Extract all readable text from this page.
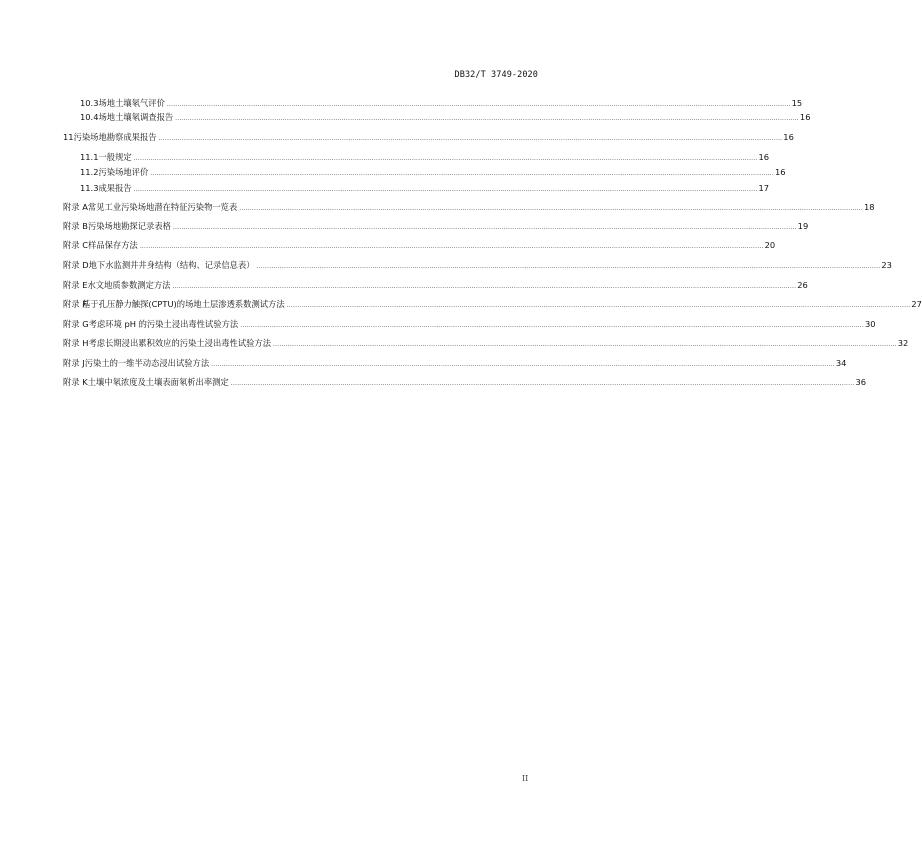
DB32/T 3749-2020
10.3 场地土壤氡气评价 ........................................................................................................................................................................................................................................................................................................ 15
10.4 场地土壤氡调查报告 ........................................................................................................................................................................................................................................................................................................ 16
11 污染场地勘察成果报告 ........................................................................................................................................................................................................................................................................................................ 16
11.1 一般规定 ........................................................................................................................................................................................................................................................................................................ 16
11.2 污染场地评价 ........................................................................................................................................................................................................................................................................................................ 16
11.3 成果报告 ........................................................................................................................................................................................................................................................................................................ 17
附录 A 常见工业污染场地潜在特征污染物一览表 ........................................................................................................................................................................................................................................................................................................ 18
附录 B 污染场地勘探记录表格 ........................................................................................................................................................................................................................................................................................................ 19
附录 C 样品保存方法 ........................................................................................................................................................................................................................................................................................................ 20
附录 D 地下水监测井井身结构（结构、记录信息表） ........................................................................................................................................................................................................................................................................................................ 23
附录 E 水文地质参数测定方法 ........................................................................................................................................................................................................................................................................................................ 26
附录 F
基于孔压静力触探(CPTU)的场地土层渗透系数测试方法 ........................................................................................................................................................................................................................................................................................................ 27
附录 G 考虑环境 pH 的污染土浸出毒性试验方法 ........................................................................................................................................................................................................................................................................................................ 30
附录 H 考虑长期浸出累积效应的污染土浸出毒性试验方法 ........................................................................................................................................................................................................................................................................................................ 32
附录 J 污染土的一维半动态浸出试验方法 ........................................................................................................................................................................................................................................................................................................ 34
附录 K 土壤中氡浓度及土壤表面氡析出率测定 ........................................................................................................................................................................................................................................................................................................ 36
II
